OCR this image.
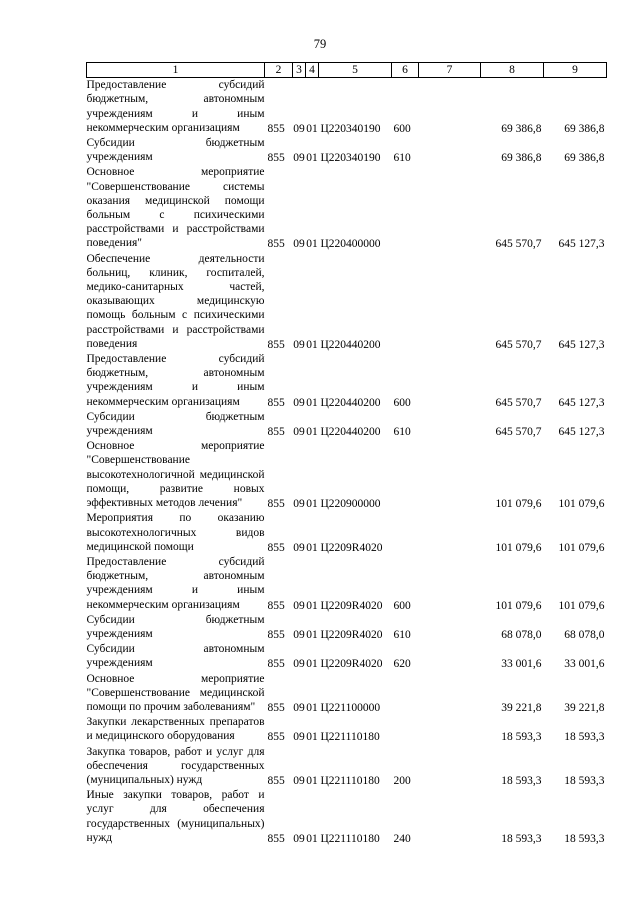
79
1	2	3	4	5	6	7	8	9
Предоставление субсидий бюджетным, автономным учреждениям и иным некоммерческим организациям	855	09	01	Ц220340190	600		69 386,8	69 386,8
Субсидии бюджетным учреждениям	855	09	01	Ц220340190	610		69 386,8	69 386,8
Основное мероприятие "Совершенствование системы оказания медицинской помощи больным с психическими расстройствами и расстройствами поведения"	855	09	01	Ц220400000			645 570,7	645 127,3
Обеспечение деятельности больниц, клиник, госпиталей, медико-санитарных частей, оказывающих медицинскую помощь больным с психическими расстройствами и расстройствами поведения	855	09	01	Ц220440200			645 570,7	645 127,3
Предоставление субсидий бюджетным, автономным учреждениям и иным некоммерческим организациям	855	09	01	Ц220440200	600		645 570,7	645 127,3
Субсидии бюджетным учреждениям	855	09	01	Ц220440200	610		645 570,7	645 127,3
Основное мероприятие "Совершенствование высокотехнологичной медицинской помощи, развитие новых эффективных методов лечения"	855	09	01	Ц220900000			101 079,6	101 079,6
Мероприятия по оказанию высокотехнологичных видов медицинской помощи	855	09	01	Ц2209R4020			101 079,6	101 079,6
Предоставление субсидий бюджетным, автономным учреждениям и иным некоммерческим организациям	855	09	01	Ц2209R4020	600		101 079,6	101 079,6
Субсидии бюджетным учреждениям	855	09	01	Ц2209R4020	610		68 078,0	68 078,0
Субсидии автономным учреждениям	855	09	01	Ц2209R4020	620		33 001,6	33 001,6
Основное мероприятие "Совершенствование медицинской помощи по прочим заболеваниям"	855	09	01	Ц221100000			39 221,8	39 221,8
Закупки лекарственных препаратов и медицинского оборудования	855	09	01	Ц221110180			18 593,3	18 593,3
Закупка товаров, работ и услуг для обеспечения государственных (муниципальных) нужд	855	09	01	Ц221110180	200		18 593,3	18 593,3
Иные закупки товаров, работ и услуг для обеспечения государственных (муниципальных) нужд	855	09	01	Ц221110180	240		18 593,3	18 593,3
